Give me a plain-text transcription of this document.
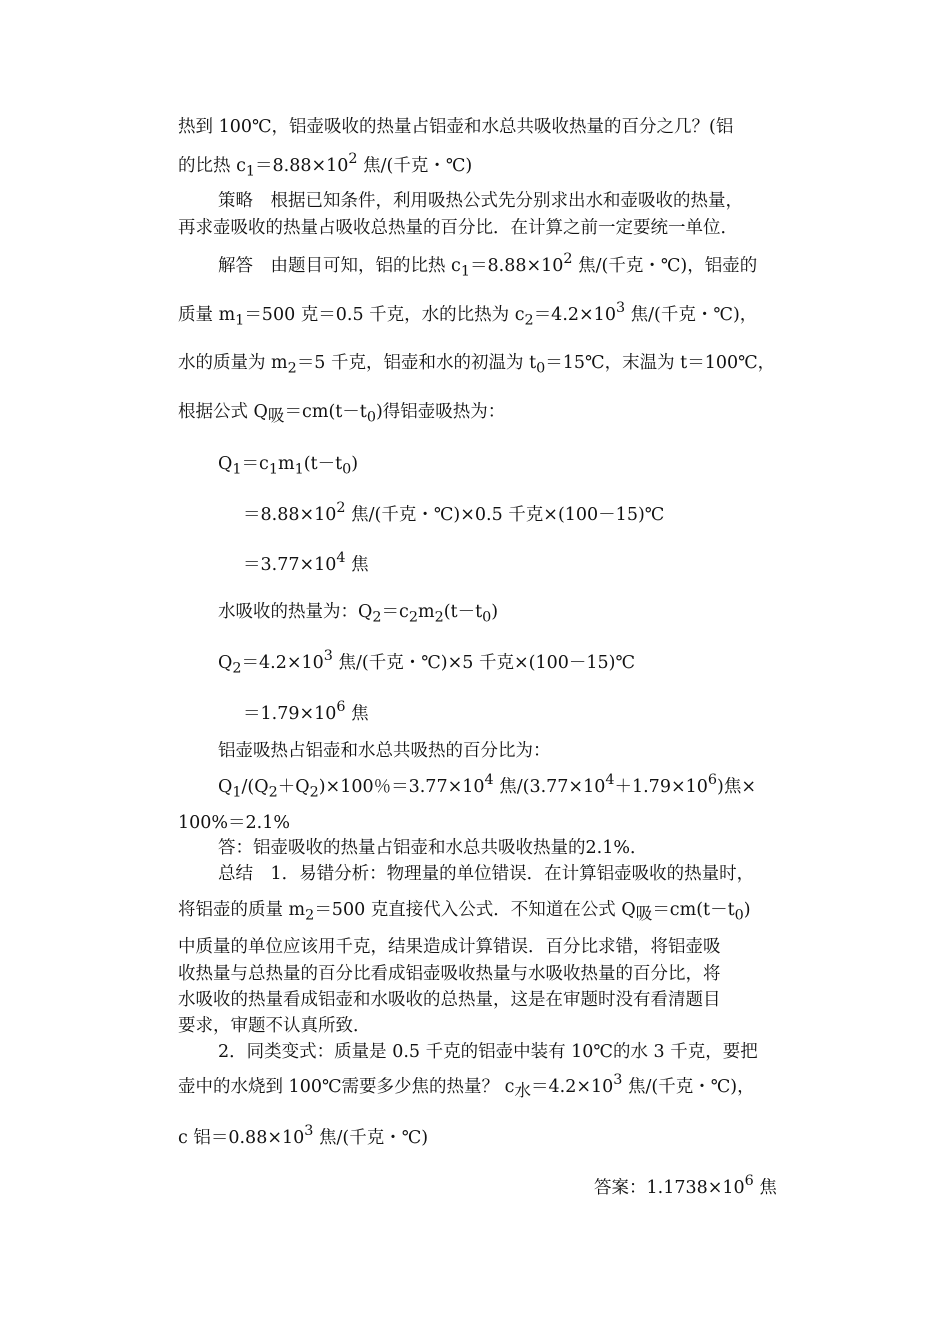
热到 100℃，铝壶吸收的热量占铝壶和水总共吸收热量的百分之几？(铝
的比热 $c_1=8.88\times 10^2$ 焦/(千克・℃)
策略　根据已知条件，利用吸热公式先分别求出水和壶吸收的热量，
再求壶吸收的热量占吸收总热量的百分比．在计算之前一定要统一单位．
解答　由题目可知，铝的比热 $c_1=8.88\times 10^2$ 焦/(千克・℃)，铝壶的
质量 $m_1=500$ 克＝0.5 千克，水的比热为 $c_2=4.2\times 10^3$ 焦/(千克・℃)，
水的质量为 $m_2=5$ 千克，铝壶和水的初温为 $t_0=15℃$，末温为 t＝100℃，
根据公式 $Q_吸=cm(t-t_0)$得铝壶吸热为：
$Q_1=c_1m_1(t-t_0)$
$=8.88\times 10^2$ 焦/(千克・℃)×0.5 千克×(100－15)℃
$=3.77\times 10^4$ 焦
水吸收的热量为：$Q_2=c_2m_2(t-t_0)$
$Q_2=4.2\times 10^3$ 焦/(千克・℃)×5 千克×(100－15)℃
$=1.79\times 10^6$ 焦
铝壶吸热占铝壶和水总共吸热的百分比为：
$Q_1/(Q_2+Q_2)\times 100$％$=3.77\times 10^4$ 焦$/(3.77\times 10^4+1.79\times 10^6)$焦×
100%＝2.1%
答：铝壶吸收的热量占铝壶和水总共吸收热量的2.1%．
总结　1．易错分析：物理量的单位错误．在计算铝壶吸收的热量时，
将铝壶的质量 $m_2=500$ 克直接代入公式．不知道在公式 $Q_吸=cm(t-t_0)$
中质量的单位应该用千克，结果造成计算错误．百分比求错，将铝壶吸
收热量与总热量的百分比看成铝壶吸收热量与水吸收热量的百分比，将
水吸收的热量看成铝壶和水吸收的总热量，这是在审题时没有看清题目
要求，审题不认真所致．
2．同类变式：质量是 0.5 千克的铝壶中装有 10℃的水 3 千克，要把
壶中的水烧到 100℃需要多少焦的热量？ $c_水=4.2\times 10^3$ 焦/(千克・℃)，
c 铝$=0.88\times 10^3$ 焦/(千克・℃)
答案：$1.1738\times 10^6$ 焦
